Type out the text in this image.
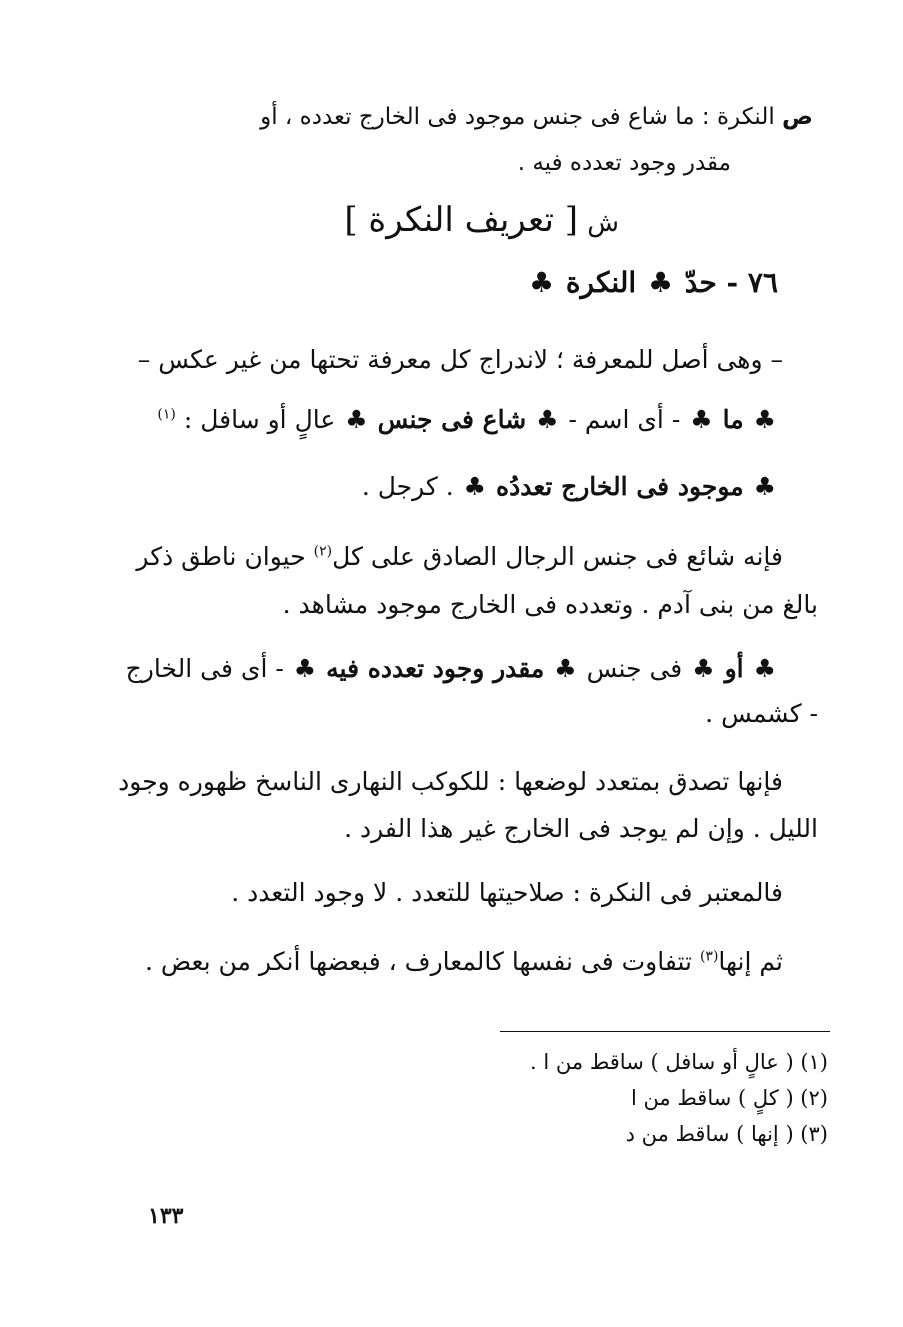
ص النكرة : ما شاع فى جنس موجود فى الخارج تعدده ، أو
مقدر وجود تعدده فيه .
ش
[ تعريف النكرة ]
٧٦ - حدّ ♣ النكرة ♣
– وهى أصل للمعرفة ؛ لاندراج كل معرفة تحتها من غير عكس –
♣ ما ♣ - أى اسم - ♣ شاع فى جنس ♣ عالٍ أو سافل : $^{(١)}$
♣ موجود فى الخارج تعددُه ♣ . كرجل .
فإنه شائع فى جنس الرجال الصادق على كل$^{(٢)}$ حيوان ناطق ذكر
بالغ من بنى آدم . وتعدده فى الخارج موجود مشاهد .
♣ أو ♣ فى جنس ♣ مقدر وجود تعدده فيه ♣ - أى فى الخارج
- كشمس .
فإنها تصدق بمتعدد لوضعها : للكوكب النهارى الناسخ ظهوره وجود
الليل . وإن لم يوجد فى الخارج غير هذا الفرد .
فالمعتبر فى النكرة : صلاحيتها للتعدد . لا وجود التعدد .
ثم إنها$^{(٣)}$ تتفاوت فى نفسها كالمعارف ، فبعضها أنكر من بعض .
(١) ( عالٍ أو سافل ) ساقط من ا .
(٢) ( كلٍ ) ساقط من ا
(٣) ( إنها ) ساقط من د
١٣٣
